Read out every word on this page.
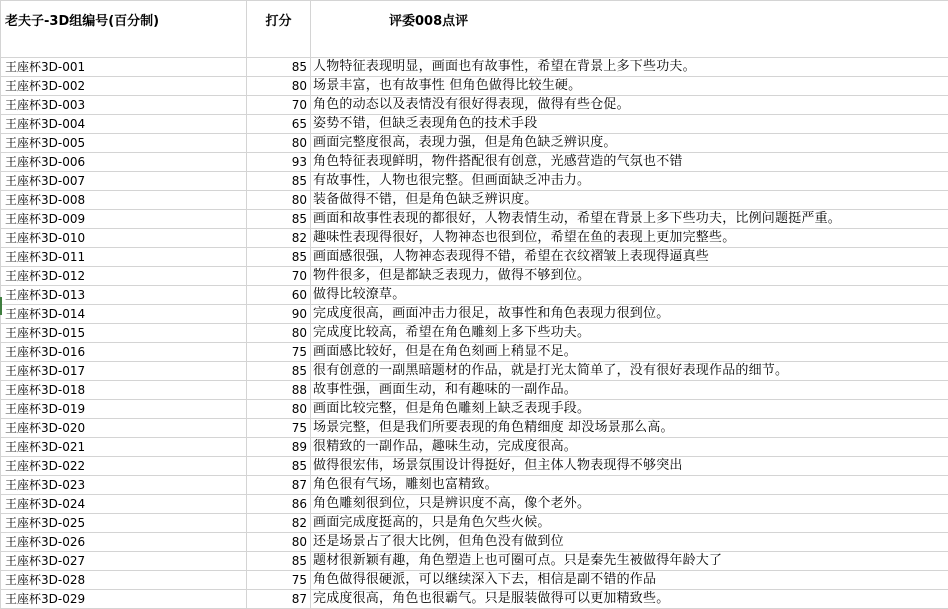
老夫子-3D组编号(百分制)	打分	评委008点评
王座杯3D-001	85	人物特征表现明显，画面也有故事性，希望在背景上多下些功夫。
王座杯3D-002	80	场景丰富，也有故事性 但角色做得比较生硬。
王座杯3D-003	70	角色的动态以及表情没有很好得表现，做得有些仓促。
王座杯3D-004	65	姿势不错，但缺乏表现角色的技术手段
王座杯3D-005	80	画面完整度很高，表现力强，但是角色缺乏辨识度。
王座杯3D-006	93	角色特征表现鲜明，物件搭配很有创意，光感营造的气氛也不错
王座杯3D-007	85	有故事性，人物也很完整。但画面缺乏冲击力。
王座杯3D-008	80	装备做得不错，但是角色缺乏辨识度。
王座杯3D-009	85	画面和故事性表现的都很好，人物表情生动，希望在背景上多下些功夫，比例问题挺严重。
王座杯3D-010	82	趣味性表现得很好，人物神态也很到位，希望在鱼的表现上更加完整些。
王座杯3D-011	85	画面感很强，人物神态表现得不错，希望在衣纹褶皱上表现得逼真些
王座杯3D-012	70	物件很多，但是都缺乏表现力，做得不够到位。
王座杯3D-013	60	做得比较潦草。
王座杯3D-014	90	完成度很高，画面冲击力很足，故事性和角色表现力很到位。
王座杯3D-015	80	完成度比较高，希望在角色雕刻上多下些功夫。
王座杯3D-016	75	画面感比较好，但是在角色刻画上稍显不足。
王座杯3D-017	85	很有创意的一副黑暗题材的作品，就是打光太简单了，没有很好表现作品的细节。
王座杯3D-018	88	故事性强，画面生动，和有趣味的一副作品。
王座杯3D-019	80	画面比较完整，但是角色雕刻上缺乏表现手段。
王座杯3D-020	75	场景完整，但是我们所要表现的角色精细度 却没场景那么高。
王座杯3D-021	89	很精致的一副作品，趣味生动，完成度很高。
王座杯3D-022	85	做得很宏伟，场景氛围设计得挺好，但主体人物表现得不够突出
王座杯3D-023	87	角色很有气场，雕刻也富精致。
王座杯3D-024	86	角色雕刻很到位，只是辨识度不高，像个老外。
王座杯3D-025	82	画面完成度挺高的，只是角色欠些火候。
王座杯3D-026	80	还是场景占了很大比例，但角色没有做到位
王座杯3D-027	85	题材很新颖有趣，角色塑造上也可圈可点。只是秦先生被做得年龄大了
王座杯3D-028	75	角色做得很硬派，可以继续深入下去，相信是副不错的作品
王座杯3D-029	87	完成度很高，角色也很霸气。只是服装做得可以更加精致些。
